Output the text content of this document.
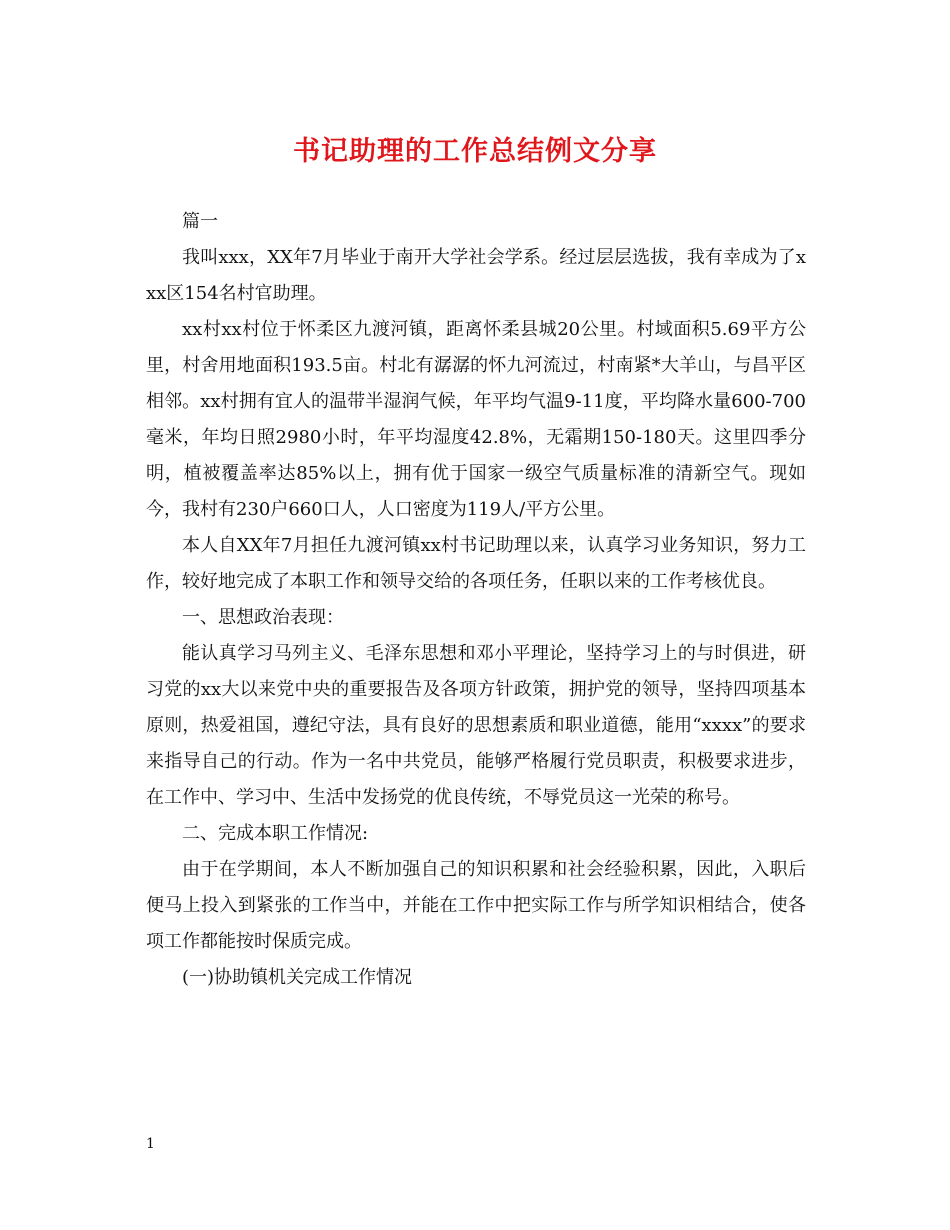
书记助理的工作总结例文分享

篇一

我叫xxx，XX年7月毕业于南开大学社会学系。经过层层选拔，我有幸成为了xxx区154名村官助理。

xx村xx村位于怀柔区九渡河镇，距离怀柔县城20公里。村域面积5.69平方公里，村舍用地面积193.5亩。村北有潺潺的怀九河流过，村南紧*大羊山，与昌平区相邻。xx村拥有宜人的温带半湿润气候，年平均气温9-11度，平均降水量600-700毫米，年均日照2980小时，年平均湿度42.8%，无霜期150-180天。这里四季分明，植被覆盖率达85%以上，拥有优于国家一级空气质量标准的清新空气。现如今，我村有230户660口人，人口密度为119人/平方公里。

本人自XX年7月担任九渡河镇xx村书记助理以来，认真学习业务知识，努力工作，较好地完成了本职工作和领导交给的各项任务，任职以来的工作考核优良。

一、思想政治表现：

能认真学习马列主义、毛泽东思想和邓小平理论，坚持学习上的与时俱进，研习党的xx大以来党中央的重要报告及各项方针政策，拥护党的领导，坚持四项基本原则，热爱祖国，遵纪守法，具有良好的思想素质和职业道德，能用“xxxx”的要求来指导自己的行动。作为一名中共党员，能够严格履行党员职责，积极要求进步，在工作中、学习中、生活中发扬党的优良传统，不辱党员这一光荣的称号。

二、完成本职工作情况:

由于在学期间，本人不断加强自己的知识积累和社会经验积累，因此，入职后便马上投入到紧张的工作当中，并能在工作中把实际工作与所学知识相结合，使各项工作都能按时保质完成。

(一)协助镇机关完成工作情况

1
